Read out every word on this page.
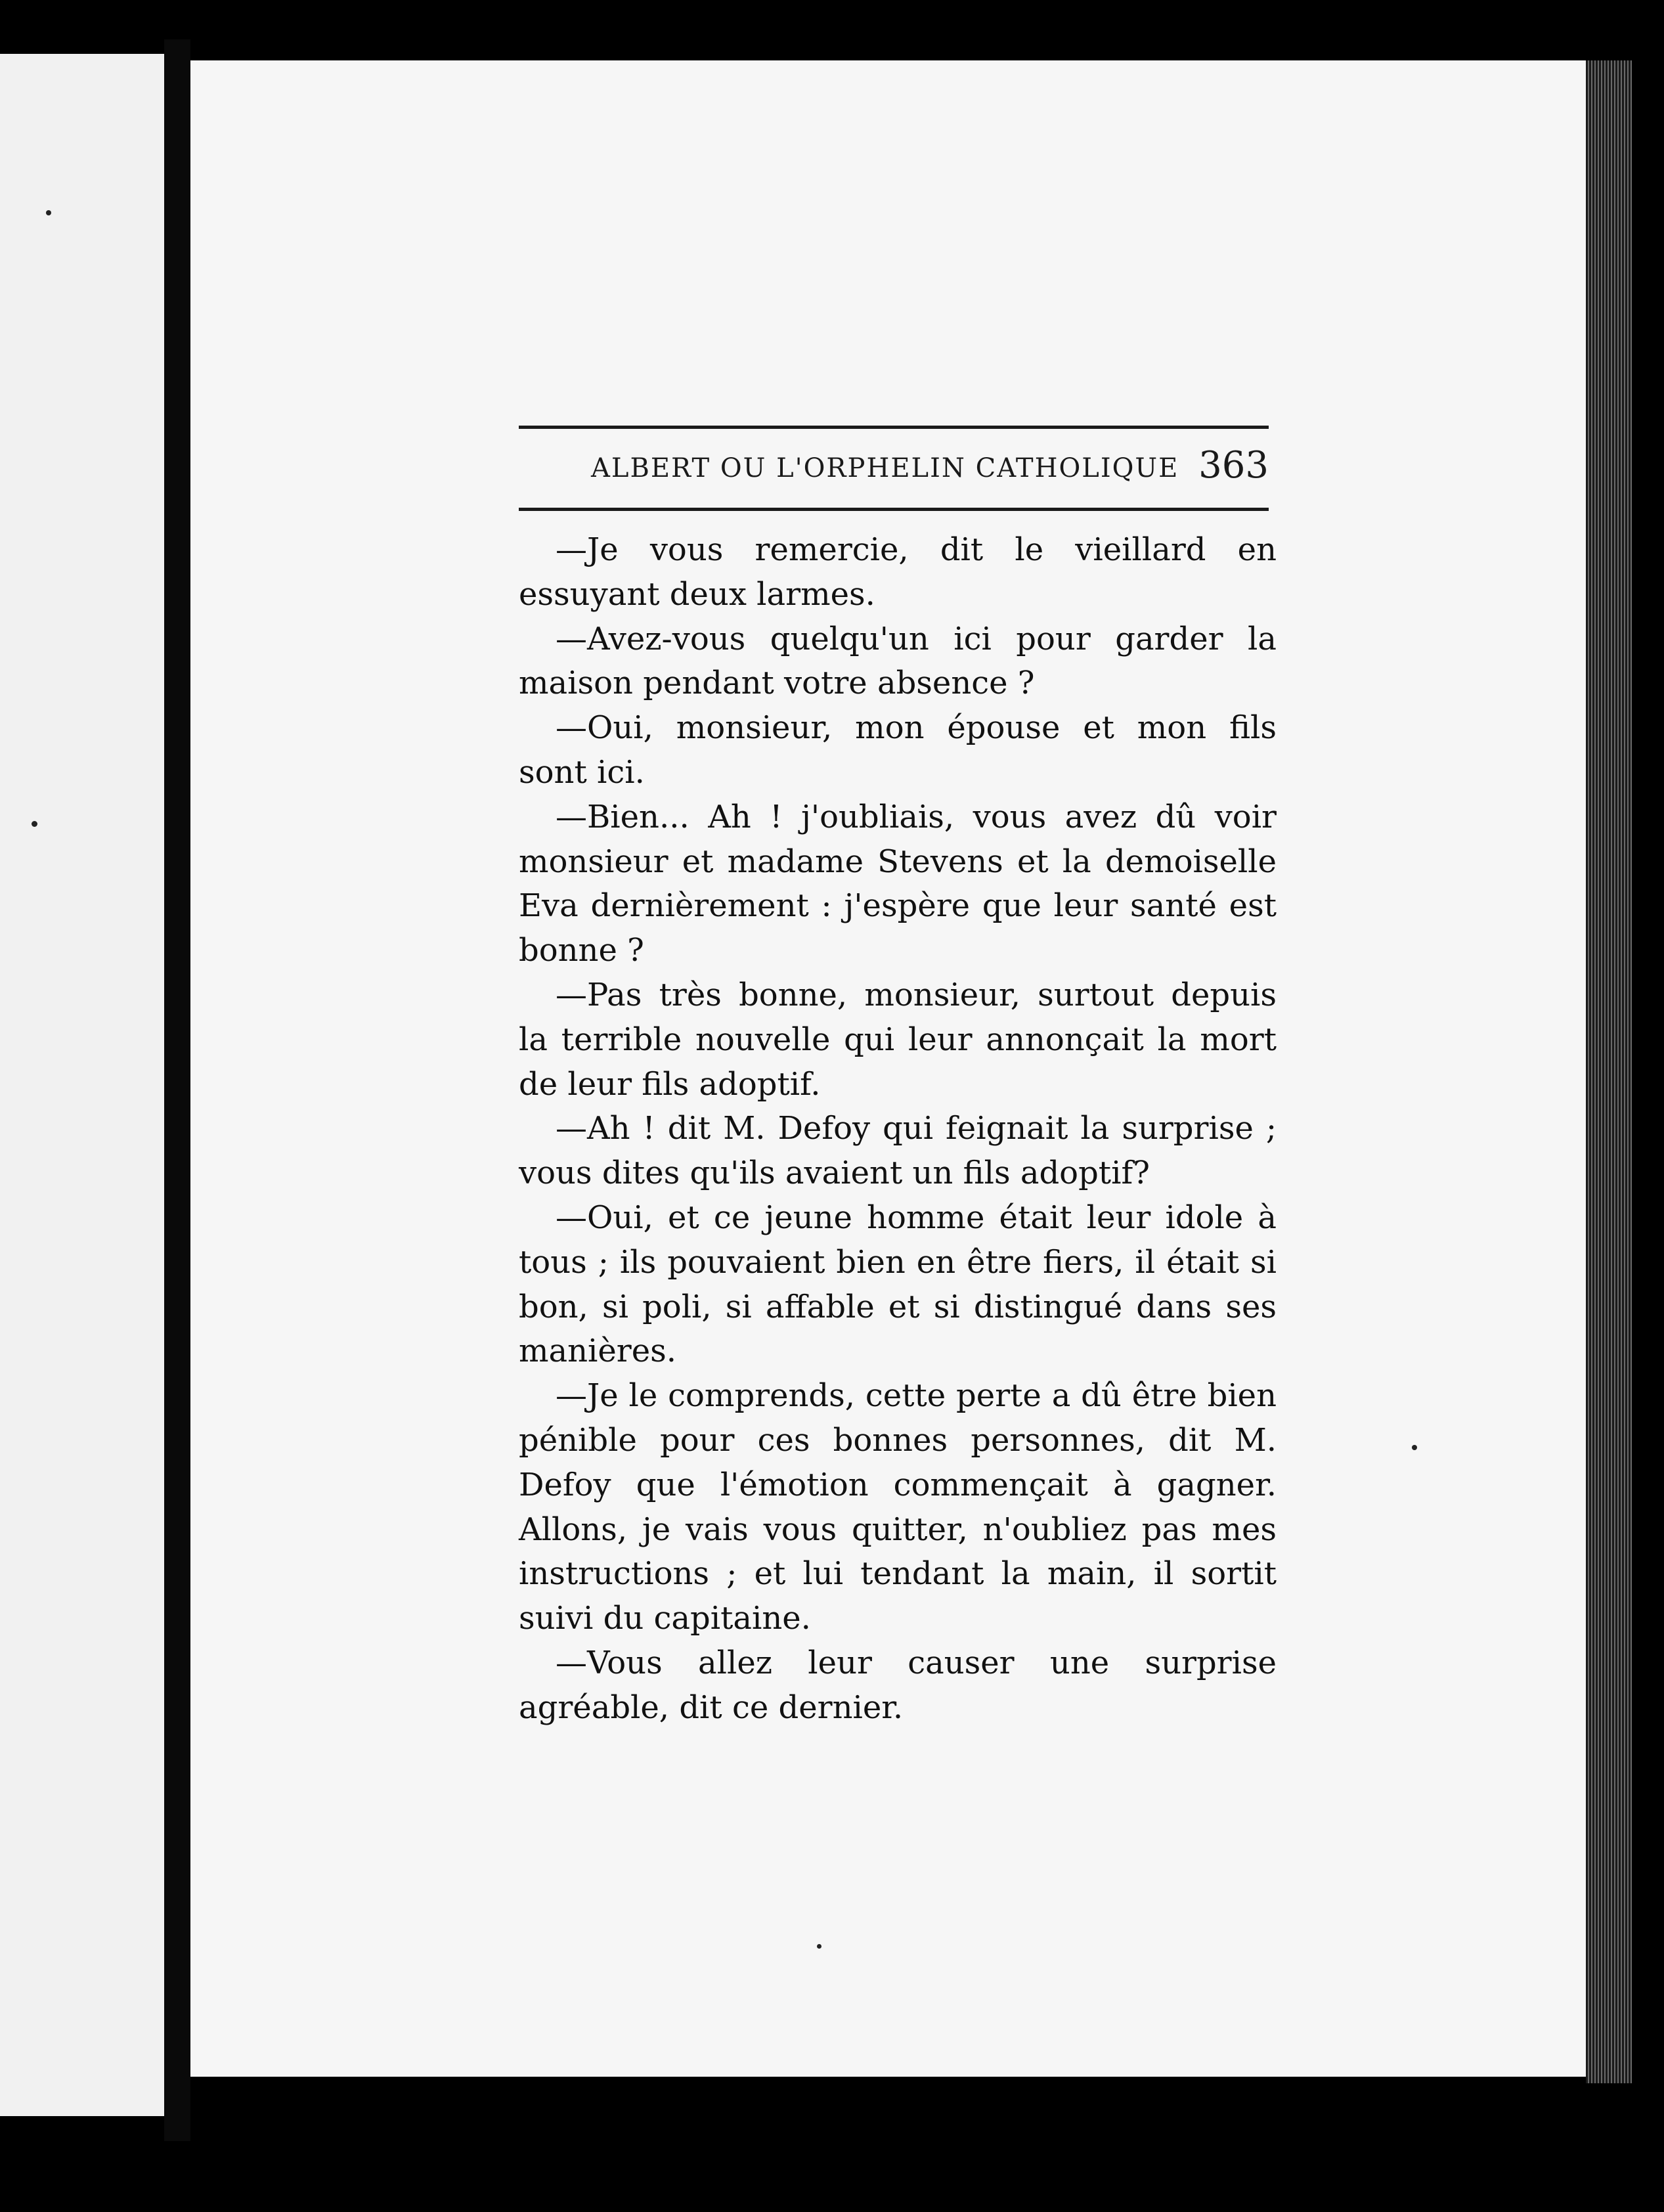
ALBERT OU L'ORPHELIN CATHOLIQUE 363

—Je vous remercie, dit le vieillard en essuyant deux larmes.

—Avez-vous quelqu'un ici pour garder la maison pendant votre absence ?

—Oui, monsieur, mon épouse et mon fils sont ici.

—Bien... Ah ! j'oubliais, vous avez dû voir monsieur et madame Stevens et la demoiselle Eva dernièrement : j'espère que leur santé est bonne ?

—Pas très bonne, monsieur, surtout depuis la terrible nouvelle qui leur annonçait la mort de leur fils adoptif.

—Ah ! dit M. Defoy qui feignait la surprise ; vous dites qu'ils avaient un fils adoptif?

—Oui, et ce jeune homme était leur idole à tous ; ils pouvaient bien en être fiers, il était si bon, si poli, si affable et si distingué dans ses manières.

—Je le comprends, cette perte a dû être bien pénible pour ces bonnes personnes, dit M. Defoy que l'émotion commençait à gagner. Allons, je vais vous quitter, n'oubliez pas mes instructions ; et lui tendant la main, il sortit suivi du capitaine.

—Vous allez leur causer une surprise agréable, dit ce dernier.
